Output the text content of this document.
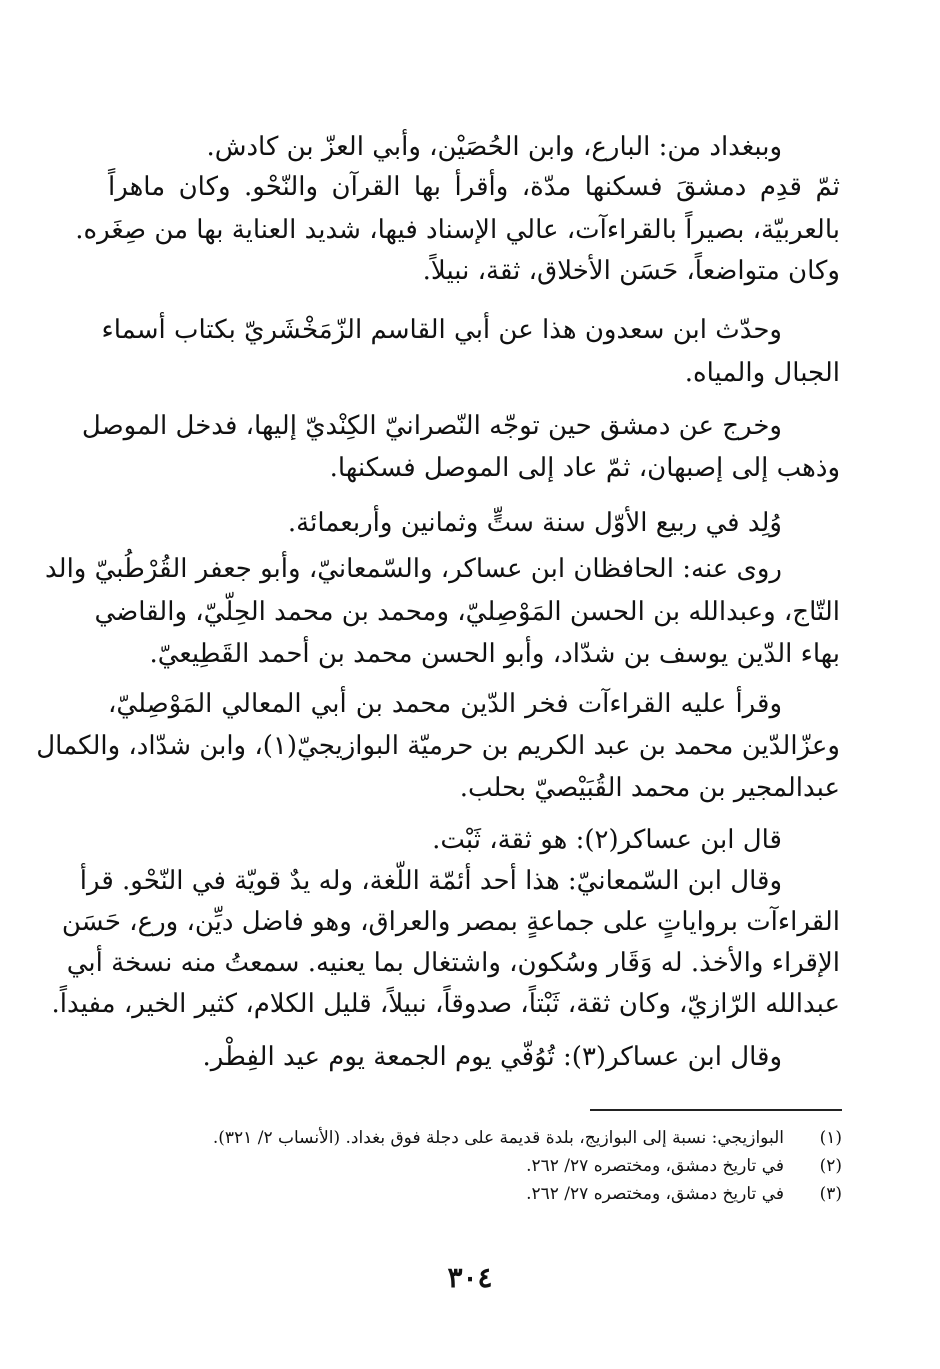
وببغداد من: البارع، وابن الحُصَيْن، وأبي العزّ بن كادش.
ثمّ قدِم دمشقَ فسكنها مدّة، وأقرأ بها القرآن والنّحْو. وكان ماهراً
بالعربيّة، بصيراً بالقراءآت، عالي الإسناد فيها، شديد العناية بها من صِغَره.
وكان متواضعاً، حَسَن الأخلاق، ثقة، نبيلاً.
وحدّث ابن سعدون هذا عن أبي القاسم الزّمَخْشَريّ بكتاب أسماء
الجبال والمياه.
وخرج عن دمشق حين توجّه النّصرانيّ الكِنْديّ إليها، فدخل الموصل
وذهب إلى إصبهان، ثمّ عاد إلى الموصل فسكنها.
وُلِد في ربيع الأوّل سنة ستٍّ وثمانين وأربعمائة.
روى عنه: الحافظان ابن عساكر، والسّمعانيّ، وأبو جعفر القُرْطُبيّ والد
التّاج، وعبدالله بن الحسن المَوْصِليّ، ومحمد بن محمد الحِلّيّ، والقاضي
بهاء الدّين يوسف بن شدّاد، وأبو الحسن محمد بن أحمد القَطِيعيّ.
وقرأ عليه القراءآت فخر الدّين محمد بن أبي المعالي المَوْصِليّ،
وعزّالدّين محمد بن عبد الكريم بن حرميّة البوازيجيّ(١)، وابن شدّاد، والكمال
عبدالمجير بن محمد القُبَيْصيّ بحلب.
قال ابن عساكر(٢): هو ثقة، ثَبْت.
وقال ابن السّمعانيّ: هذا أحد أئمّة اللّغة، وله يدٌ قويّة في النّحْو. قرأ
القراءآت برواياتٍ على جماعةٍ بمصر والعراق، وهو فاضل ديِّن، ورع، حَسَن
الإقراء والأخذ. له وَقَار وسُكون، واشتغال بما يعنيه. سمعتُ منه نسخة أبي
عبدالله الرّازيّ، وكان ثقة، ثَبْتاً، صدوقاً، نبيلاً، قليل الكلام، كثير الخير، مفيداً.
وقال ابن عساكر(٣): تُوُفّي يوم الجمعة يوم عيد الفِطْر.
(١)البوازيجي: نسبة إلى البوازيج، بلدة قديمة على دجلة فوق بغداد. (الأنساب ٢/ ٣٢١).
(٢)في تاريخ دمشق، ومختصره ٢٧/ ٢٦٢.
(٣)في تاريخ دمشق، ومختصره ٢٧/ ٢٦٢.
٣٠٤
